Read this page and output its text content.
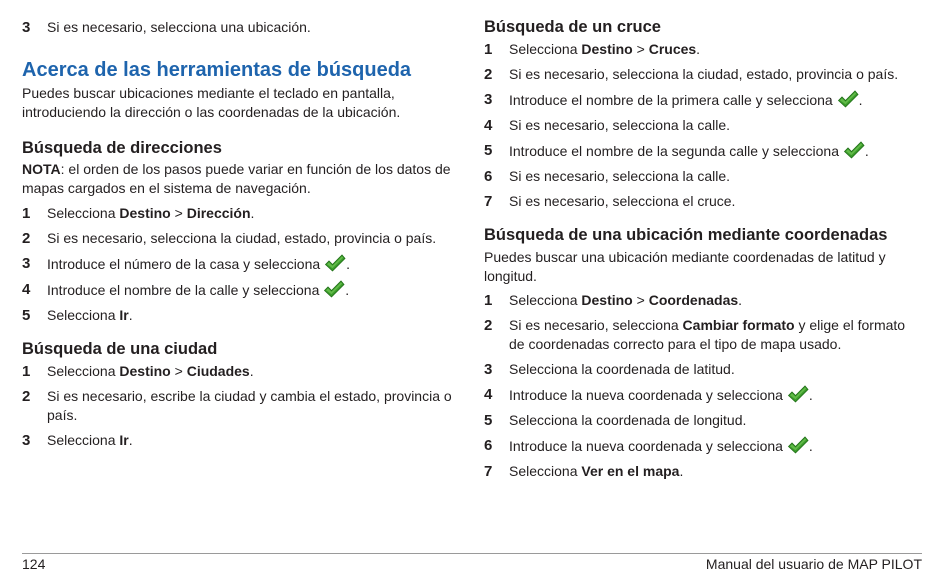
3	Si es necesario, selecciona una ubicación.
Acerca de las herramientas de búsqueda

Puedes buscar ubicaciones mediante el teclado en pantalla, introduciendo la dirección o las coordenadas de la ubicación.

Búsqueda de direcciones

NOTA: el orden de los pasos puede variar en función de los datos de mapas cargados en el sistema de navegación.

1	Selecciona Destino > Dirección.
2	Si es necesario, selecciona la ciudad, estado, provincia o país.
3	Introduce el número de la casa y selecciona .
4	Introduce el nombre de la calle y selecciona .
5	Selecciona Ir.
Búsqueda de una ciudad
1	Selecciona Destino > Ciudades.
2	Si es necesario, escribe la ciudad y cambia el estado, provincia o país.
3	Selecciona Ir.
Búsqueda de un cruce
1	Selecciona Destino > Cruces.
2	Si es necesario, selecciona la ciudad, estado, provincia o país.
3	Introduce el nombre de la primera calle y selecciona .
4	Si es necesario, selecciona la calle.
5	Introduce el nombre de la segunda calle y selecciona .
6	Si es necesario, selecciona la calle.
7	Si es necesario, selecciona el cruce.
Búsqueda de una ubicación mediante coordenadas

Puedes buscar una ubicación mediante coordenadas de latitud y longitud.

1	Selecciona Destino > Coordenadas.
2	Si es necesario, selecciona Cambiar formato y elige el formato de coordenadas correcto para el tipo de mapa usado.
3	Selecciona la coordenada de latitud.
4	Introduce la nueva coordenada y selecciona .
5	Selecciona la coordenada de longitud.
6	Introduce la nueva coordenada y selecciona .
7	Selecciona Ver en el mapa.
124	Manual del usuario de MAP PILOT
